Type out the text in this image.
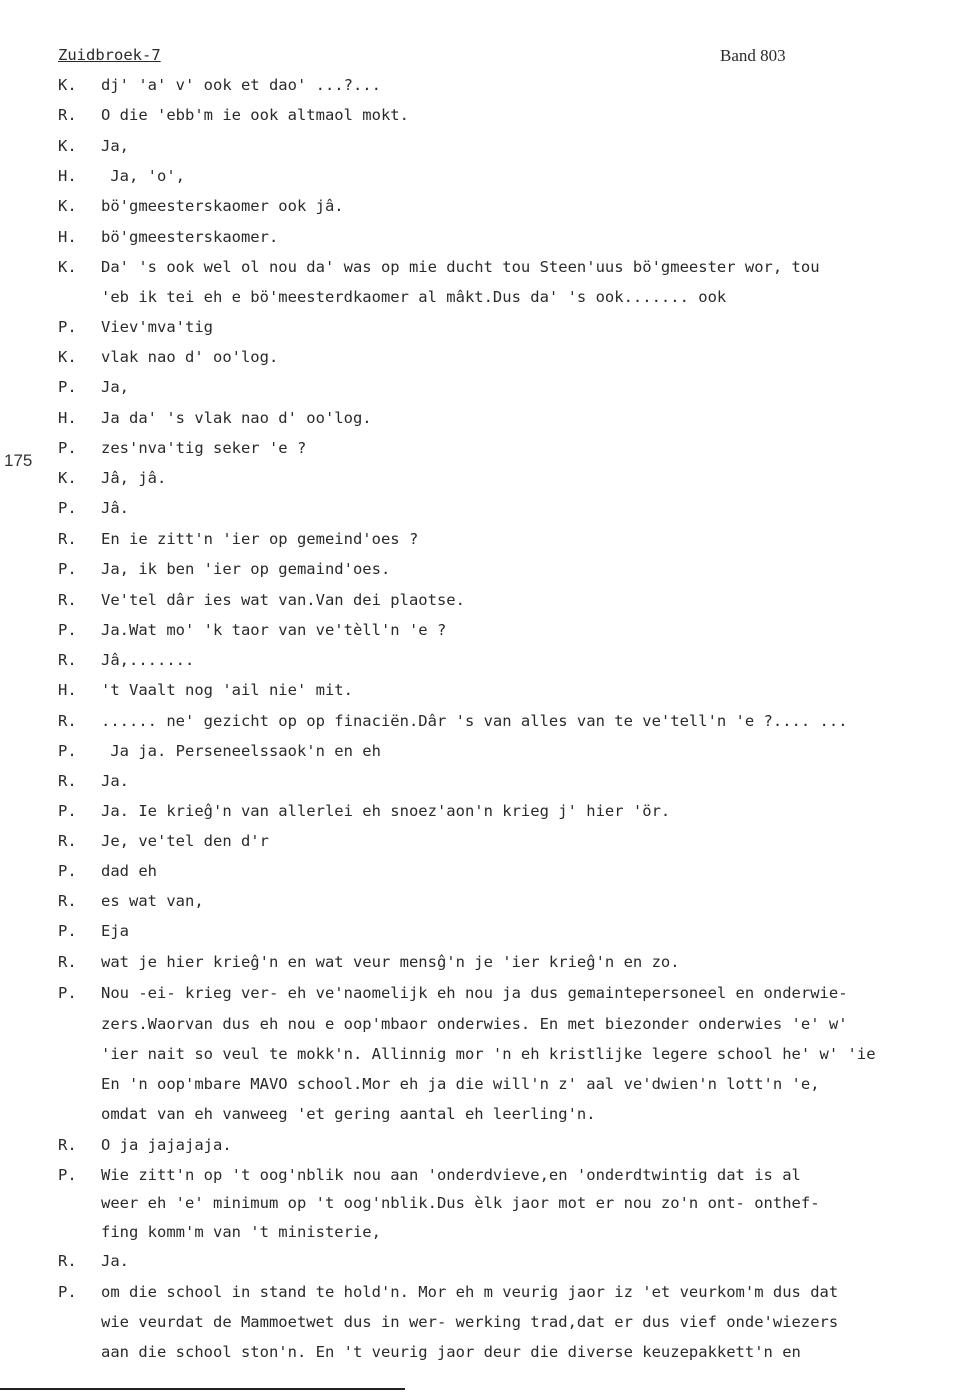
Zuidbroek-7	Band 803
175
K. dj' 'a' v' ook et dao' ...?...
R. O die 'ebb'm ie ook altmaol mokt.
K. Ja,
H. Ja, 'o',
K. bö'gmeesterskaomer ook jâ.
H. bö'gmeesterskaomer.
K. Da' 's ook wel ol nou da' was op mie ducht tou Steen'uus bö'gmeester wor, tou
'eb ik tei eh e bö'meesterdkaomer al mâkt.Dus da' 's ook....... ook
P. Viev'mva'tig
K. vlak nao d' oo'log.
P. Ja,
H. Ja da' 's vlak nao d' oo'log.
P. zes'nva'tig seker 'e ?
K. Jâ, jâ.
P. Jâ.
R. En ie zitt'n 'ier op gemeind'oes ?
P. Ja, ik ben 'ier op gemaind'oes.
R. Ve'tel dâr ies wat van.Van dei plaotse.
P. Ja.Wat mo' 'k taor van ve'tèll'n 'e ?
R. Jâ,.......
H. 't Vaalt nog 'ail nie' mit.
R. ...... ne' gezicht op op finaciën.Dâr 's van alles van te ve'tell'n 'e ?.... ...
P. Ja ja. Perseneelssaok'n en eh
R. Ja.
P. Ja. Ie krieĝ'n van allerlei eh snoez'aon'n krieg j' hier 'ör.
R. Je, ve'tel den d'r
P. dad eh
R. es wat van,
P. Eja
R. wat je hier krieĝ'n en wat veur mensĝ'n je 'ier krieĝ'n en zo.
P. Nou -ei- krieg ver- eh ve'naomelijk eh nou ja dus gemaintepersoneel en onderwie-
zers.Waorvan dus eh nou e oop'mbaor onderwies. En met biezonder onderwies 'e' w'
'ier nait so veul te mokk'n. Allinnig mor 'n eh kristlijke legere school he' w' 'ie
En 'n oop'mbare MAVO school.Mor eh ja die will'n z' aal ve'dwien'n lott'n 'e,
omdat van eh vanweeg 'et gering aantal eh leerling'n.
R. O ja jajajaja.
P. Wie zitt'n op 't oog'nblik nou aan 'onderdvieve,en 'onderdtwintig dat is al
weer eh 'e' minimum op 't oog'nblik.Dus èlk jaor mot er nou zo'n ont- onthef-
fing komm'm van 't ministerie,
R. Ja.
P. om die school in stand te hold'n. Mor eh m veurig jaor iz 'et veurkom'm dus dat
wie veurdat de Mammoetwet dus in wer- werking trad,dat er dus vief onde'wiezers
aan die school ston'n. En 't veurig jaor deur die diverse keuzepakkett'n en
